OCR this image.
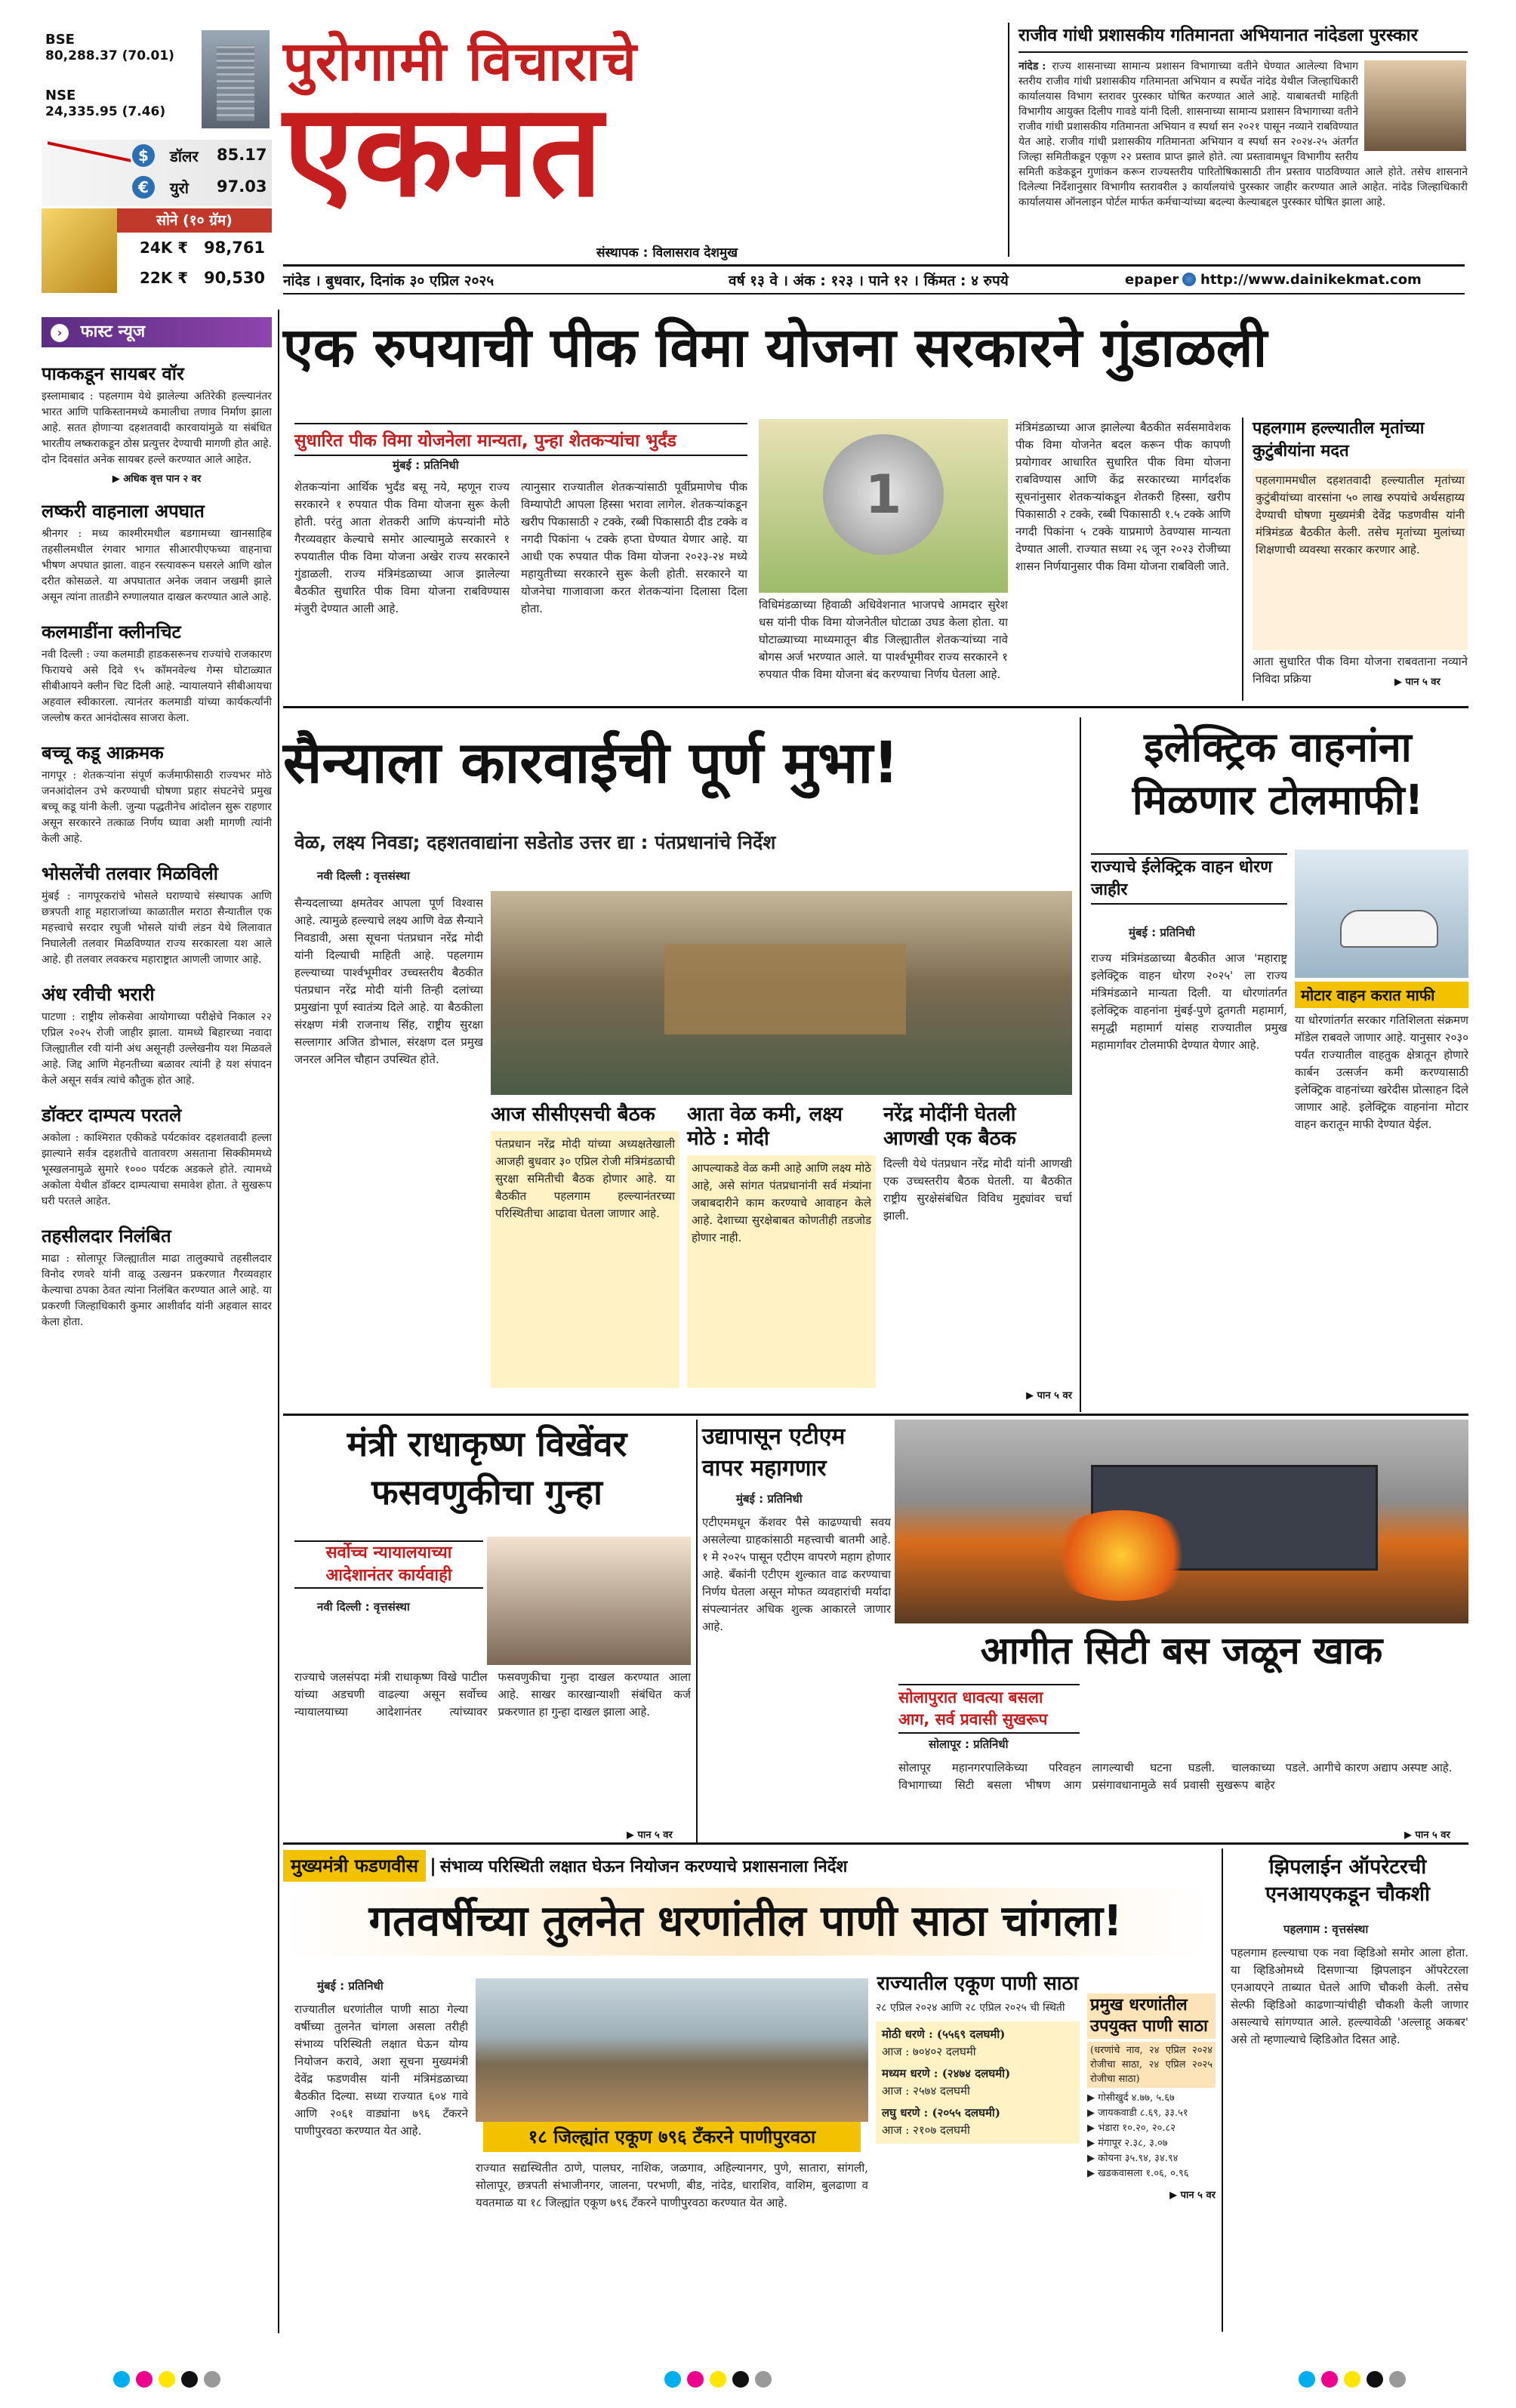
BSE
80,288.37 (70.01)
NSE
24,335.95 (7.46)
$	डॉलर 85.17
€	युरो 97.03
सोने (१० ग्रॅम)
24K ₹ 98,761
22K ₹ 90,530
पुरोगामी विचाराचे
एकमत
संस्थापक : विलासराव देशमुख
नांदेड । बुधवार, दिनांक ३० एप्रिल २०२५	वर्ष १३ वे । अंक : १२३ । पाने १२ । किंमत : ४ रुपये	epaper http://www.dainikekmat.com
राजीव गांधी प्रशासकीय गतिमानता अभियानात नांदेडला पुरस्कार
नांदेड : राज्य शासनाच्या सामान्य प्रशासन विभागाच्या वतीने घेण्यात आलेल्या विभाग स्तरीय राजीव गांधी प्रशासकीय गतिमानता अभियान व स्पर्धेत नांदेड येथील जिल्हाधिकारी कार्यालयास विभाग स्तरावर पुरस्कार घोषित करण्यात आले आहे. याबाबतची माहिती विभागीय आयुक्त दिलीप गावडे यांनी दिली. शासनाच्या सामान्य प्रशासन विभागाच्या वतीने राजीव गांधी प्रशासकीय गतिमानता अभियान व स्पर्धा सन २०२१ पासून नव्याने राबविण्यात येत आहे. राजीव गांधी प्रशासकीय गतिमानता अभियान व स्पर्धा सन २०२४-२५ अंतर्गत जिल्हा समितीकडून एकूण २२ प्रस्ताव प्राप्त झाले होते. त्या प्रस्तावामधून विभागीय स्तरीय समिती कडेकडून गुणांकन करून राज्यस्तरीय पारितोषिकासाठी तीन प्रस्ताव पाठविण्यात आले होते. तसेच शासनाने दिलेल्या निर्देशानुसार विभागीय स्तरावरील ३ कार्यालयांचे पुरस्कार जाहीर करण्यात आले आहेत. नांदेड जिल्हाधिकारी कार्यालयास ऑनलाइन पोर्टल मार्फत कर्मचाऱ्यांच्या बदल्या केल्याबद्दल पुरस्कार घोषित झाला आहे.
› फास्ट न्यूज
पाककडून सायबर वॉर
इस्लामाबाद : पहलगाम येथे झालेल्या अतिरेकी हल्ल्यानंतर भारत आणि पाकिस्तानमध्ये कमालीचा तणाव निर्माण झाला आहे. सतत होणाऱ्या दहशतवादी कारवायांमुळे या संबंधित भारतीय लष्कराकडून ठोस प्रत्युत्तर देण्याची मागणी होत आहे. दोन दिवसांत अनेक सायबर हल्ले करण्यात आले आहेत.
▶ अधिक वृत्त पान २ वर
लष्करी वाहनाला अपघात
श्रीनगर : मध्य काश्मीरमधील बडगामच्या खानसाहिब तहसीलमधील रंगवार भागात सीआरपीएफच्या वाहनाचा भीषण अपघात झाला. वाहन रस्त्यावरून घसरले आणि खोल दरीत कोसळले. या अपघातात अनेक जवान जखमी झाले असून त्यांना तातडीने रुग्णालयात दाखल करण्यात आले आहे.
कलमाडींना क्लीनचिट
नवी दिल्ली : ज्या कलमाडी हाडकसरूनच राज्यांचे राजकारण फिरायचे असे दिवे ९५ कॉमनवेल्थ गेम्स घोटाळ्यात सीबीआयने क्लीन चिट दिली आहे. न्यायालयाने सीबीआयचा अहवाल स्वीकारला. त्यानंतर कलमाडी यांच्या कार्यकर्त्यांनी जल्लोष करत आनंदोत्सव साजरा केला.
बच्चू कडू आक्रमक
नागपूर : शेतकऱ्यांना संपूर्ण कर्जमाफीसाठी राज्यभर मोठे जनआंदोलन उभे करण्याची घोषणा प्रहार संघटनेचे प्रमुख बच्चू कडू यांनी केली. जुन्या पद्धतीनेच आंदोलन सुरू राहणार असून सरकारने तत्काळ निर्णय घ्यावा अशी मागणी त्यांनी केली आहे.
भोसलेंची तलवार मिळविली
मुंबई : नागपूरकरांचे भोसले घराण्याचे संस्थापक आणि छत्रपती शाहू महाराजांच्या काळातील मराठा सैन्यातील एक महत्त्वाचे सरदार रघुजी भोसले यांची लंडन येथे लिलावात निघालेली तलवार मिळविण्यात राज्य सरकारला यश आले आहे. ही तलवार लवकरच महाराष्ट्रात आणली जाणार आहे.
अंध रवीची भरारी
पाटणा : राष्ट्रीय लोकसेवा आयोगाच्या परीक्षेचे निकाल २२ एप्रिल २०२५ रोजी जाहीर झाला. यामध्ये बिहारच्या नवादा जिल्ह्यातील रवी यांनी अंध असूनही उल्लेखनीय यश मिळवले आहे. जिद्द आणि मेहनतीच्या बळावर त्यांनी हे यश संपादन केले असून सर्वत्र त्यांचे कौतुक होत आहे.
डॉक्टर दाम्पत्य परतले
अकोला : काश्मिरात एकीकडे पर्यटकांवर दहशतवादी हल्ला झाल्याने सर्वत्र दहशतीचे वातावरण असताना सिक्कीममध्ये भूस्खलनामुळे सुमारे १००० पर्यटक अडकले होते. त्यामध्ये अकोला येथील डॉक्टर दाम्पत्याचा समावेश होता. ते सुखरूप घरी परतले आहेत.
तहसीलदार निलंबित
माढा : सोलापूर जिल्ह्यातील माढा तालुक्याचे तहसीलदार विनोद रणवरे यांनी वाळू उत्खनन प्रकरणात गैरव्यवहार केल्याचा ठपका ठेवत त्यांना निलंबित करण्यात आले आहे. या प्रकरणी जिल्हाधिकारी कुमार आशीर्वाद यांनी अहवाल सादर केला होता.
एक रुपयाची पीक विमा योजना सरकारने गुंडाळली
सुधारित पीक विमा योजनेला मान्यता, पुन्हा शेतकऱ्यांचा भुर्दंड
मुंबई : प्रतिनिधी
शेतकऱ्यांना आर्थिक भुर्दंड बसू नये, म्हणून राज्य सरकारने १ रुपयात पीक विमा योजना सुरू केली होती. परंतु आता शेतकरी आणि कंपन्यांनी मोठे गैरव्यवहार केल्याचे समोर आल्यामुळे सरकारने १ रुपयातील पीक विमा योजना अखेर राज्य सरकारने गुंडाळली. राज्य मंत्रिमंडळाच्या आज झालेल्या बैठकीत सुधारित पीक विमा योजना राबविण्यास मंजुरी देण्यात आली आहे.
त्यानुसार राज्यातील शेतकऱ्यांसाठी पूर्वीप्रमाणेच पीक विम्यापोटी आपला हिस्सा भरावा लागेल. शेतकऱ्यांकडून खरीप पिकासाठी २ टक्के, रब्बी पिकासाठी दीड टक्के व नगदी पिकांना ५ टक्के हप्ता घेण्यात येणार आहे. या आधी एक रुपयात पीक विमा योजना २०२३-२४ मध्ये महायुतीच्या सरकारने सुरू केली होती. सरकारने या योजनेचा गाजावाजा करत शेतकऱ्यांना दिलासा दिला होता.
1
विधिमंडळाच्या हिवाळी अधिवेशनात भाजपचे आमदार सुरेश धस यांनी पीक विमा योजनेतील घोटाळा उघड केला होता. या घोटाळ्याच्या माध्यमातून बीड जिल्ह्यातील शेतकऱ्यांच्या नावे बोगस अर्ज भरण्यात आले. या पार्श्वभूमीवर राज्य सरकारने १ रुपयात पीक विमा योजना बंद करण्याचा निर्णय घेतला आहे.
मंत्रिमंडळाच्या आज झालेल्या बैठकीत सर्वसमावेशक पीक विमा योजनेत बदल करून पीक कापणी प्रयोगावर आधारित सुधारित पीक विमा योजना राबविण्यास आणि केंद्र सरकारच्या मार्गदर्शक सूचनांनुसार शेतकऱ्यांकडून शेतकरी हिस्सा, खरीप पिकासाठी २ टक्के, रब्बी पिकासाठी १.५ टक्के आणि नगदी पिकांना ५ टक्के याप्रमाणे ठेवण्यास मान्यता देण्यात आली. राज्यात सध्या २६ जून २०२३ रोजीच्या शासन निर्णयानुसार पीक विमा योजना राबविली जाते.
पहलगाम हल्ल्यातील मृतांच्या कुटुंबीयांना मदत
पहलगाममधील दहशतवादी हल्ल्यातील मृतांच्या कुटुंबीयांच्या वारसांना ५० लाख रुपयांचे अर्थसहाय्य देण्याची घोषणा मुख्यमंत्री देवेंद्र फडणवीस यांनी मंत्रिमंडळ बैठकीत केली. तसेच मृतांच्या मुलांच्या शिक्षणाची व्यवस्था सरकार करणार आहे.
आता सुधारित पीक विमा योजना राबवताना नव्याने निविदा प्रक्रिया	▶ पान ५ वर
सैन्याला कारवाईची पूर्ण मुभा!
वेळ, लक्ष्य निवडा; दहशतवाद्यांना सडेतोड उत्तर द्या : पंतप्रधानांचे निर्देश
नवी दिल्ली : वृत्तसंस्था
सैन्यदलाच्या क्षमतेवर आपला पूर्ण विश्वास आहे. त्यामुळे हल्ल्याचे लक्ष्य आणि वेळ सैन्याने निवडावी, असा सूचना पंतप्रधान नरेंद्र मोदी यांनी दिल्याची माहिती आहे. पहलगाम हल्ल्याच्या पार्श्वभूमीवर उच्चस्तरीय बैठकीत पंतप्रधान नरेंद्र मोदी यांनी तिन्ही दलांच्या प्रमुखांना पूर्ण स्वातंत्र्य दिले आहे. या बैठकीला संरक्षण मंत्री राजनाथ सिंह, राष्ट्रीय सुरक्षा सल्लागार अजित डोभाल, संरक्षण दल प्रमुख जनरल अनिल चौहान उपस्थित होते.
आज सीसीएसची बैठक
पंतप्रधान नरेंद्र मोदी यांच्या अध्यक्षतेखाली आजही बुधवार ३० एप्रिल रोजी मंत्रिमंडळाची सुरक्षा समितीची बैठक होणार आहे. या बैठकीत पहलगाम हल्ल्यानंतरच्या परिस्थितीचा आढावा घेतला जाणार आहे.
आता वेळ कमी, लक्ष्य मोठे : मोदी
आपल्याकडे वेळ कमी आहे आणि लक्ष्य मोठे आहे, असे सांगत पंतप्रधानांनी सर्व मंत्र्यांना जबाबदारीने काम करण्याचे आवाहन केले आहे. देशाच्या सुरक्षेबाबत कोणतीही तडजोड होणार नाही.
नरेंद्र मोदींनी घेतली आणखी एक बैठक
दिल्ली येथे पंतप्रधान नरेंद्र मोदी यांनी आणखी एक उच्चस्तरीय बैठक घेतली. या बैठकीत राष्ट्रीय सुरक्षेसंबंधित विविध मुद्द्यांवर चर्चा झाली.
▶ पान ५ वर
इलेक्ट्रिक वाहनांना
मिळणार टोलमाफी!
राज्याचे ईलेक्ट्रिक वाहन धोरण जाहीर
मुंबई : प्रतिनिधी
राज्य मंत्रिमंडळाच्या बैठकीत आज 'महाराष्ट्र इलेक्ट्रिक वाहन धोरण २०२५' ला राज्य मंत्रिमंडळाने मान्यता दिली. या धोरणांतर्गत इलेक्ट्रिक वाहनांना मुंबई-पुणे द्रुतगती महामार्ग, समृद्धी महामार्ग यांसह राज्यातील प्रमुख महामार्गांवर टोलमाफी देण्यात येणार आहे.
मोटार वाहन करात माफी
या धोरणांतर्गत सरकार गतिशिलता संक्रमण मॉडेल राबवले जाणार आहे. यानुसार २०३० पर्यंत राज्यातील वाहतुक क्षेत्रातून होणारे कार्बन उत्सर्जन कमी करण्यासाठी इलेक्ट्रिक वाहनांच्या खरेदीस प्रोत्साहन दिले जाणार आहे. इलेक्ट्रिक वाहनांना मोटार वाहन करातून माफी देण्यात येईल.
मंत्री राधाकृष्ण विखेंवर
फसवणुकीचा गुन्हा
सर्वोच्च न्यायालयाच्या आदेशानंतर कार्यवाही
नवी दिल्ली : वृत्तसंस्था
राज्याचे जलसंपदा मंत्री राधाकृष्ण विखे पाटील यांच्या अडचणी वाढल्या असून सर्वोच्च न्यायालयाच्या आदेशानंतर त्यांच्यावर फसवणुकीचा गुन्हा दाखल करण्यात आला आहे. साखर कारखान्याशी संबंधित कर्ज प्रकरणात हा गुन्हा दाखल झाला आहे.
▶ पान ५ वर
उद्यापासून एटीएम
वापर महागणार
मुंबई : प्रतिनिधी
एटीएममधून कॅशवर पैसे काढण्याची सवय असलेल्या ग्राहकांसाठी महत्त्वाची बातमी आहे. १ मे २०२५ पासून एटीएम वापरणे महाग होणार आहे. बँकांनी एटीएम शुल्कात वाढ करण्याचा निर्णय घेतला असून मोफत व्यवहारांची मर्यादा संपल्यानंतर अधिक शुल्क आकारले जाणार आहे.
आगीत सिटी बस जळून खाक
सोलापुरात धावत्या बसला आग, सर्व प्रवासी सुखरूप
सोलापूर : प्रतिनिधी
सोलापूर महानगरपालिकेच्या परिवहन विभागाच्या सिटी बसला भीषण आग लागल्याची घटना घडली. चालकाच्या प्रसंगावधानामुळे सर्व प्रवासी सुखरूप बाहेर पडले. आगीचे कारण अद्याप अस्पष्ट आहे.
▶ पान ५ वर
मुख्यमंत्री फडणवीस | संभाव्य परिस्थिती लक्षात घेऊन नियोजन करण्याचे प्रशासनाला निर्देश
गतवर्षीच्या तुलनेत धरणांतील पाणी साठा चांगला!
मुंबई : प्रतिनिधी
राज्यातील धरणांतील पाणी साठा गेल्या वर्षीच्या तुलनेत चांगला असला तरीही संभाव्य परिस्थिती लक्षात घेऊन योग्य नियोजन करावे, अशा सूचना मुख्यमंत्री देवेंद्र फडणवीस यांनी मंत्रिमंडळाच्या बैठकीत दिल्या. सध्या राज्यात ६०४ गावे आणि २०६१ वाड्यांना ७९६ टँकरने पाणीपुरवठा करण्यात येत आहे.	१८ जिल्ह्यांत एकूण ७९६ टँकरने पाणीपुरवठा
राज्यात सद्यस्थितीत ठाणे, पालघर, नाशिक, जळगाव, अहिल्यानगर, पुणे, सातारा, सांगली, सोलापूर, छत्रपती संभाजीनगर, जालना, परभणी, बीड, नांदेड, धाराशिव, वाशिम, बुलढाणा व यवतमाळ या १८ जिल्ह्यांत एकूण ७९६ टँकरने पाणीपुरवठा करण्यात येत आहे.
राज्यातील एकूण पाणी साठा
२८ एप्रिल २०२४ आणि २८ एप्रिल २०२५ ची स्थिती
मोठी धरणे : (५५६९ दलघमी)
आज : ७०४०२ दलघमी
मध्यम धरणे : (२४७४ दलघमी)
आज : २५७४ दलघमी
लघु धरणे : (२०५५ दलघमी)
आज : २१०७ दलघमी
प्रमुख धरणांतील उपयुक्त पाणी साठा
(धरणांचे नाव, २४ एप्रिल २०२४ रोजीचा साठा, २४ एप्रिल २०२५ रोजीचा साठा)
▶ गोसीखुर्द ४.७७, ५.६७
▶ जायकवाडी ८.६९, ३३.५१
▶ भंडारा १०.२०, २०.८२
▶ मंगापूर २.३८, ३.०७
▶ कोयना ३५.९४, ३४.९४
▶ खडकवासला १.०६, ०.९६
▶ पान ५ वर
झिपलाईन ऑपरेटरची
एनआयएकडून चौकशी
पहलगाम : वृत्तसंस्था
पहलगाम हल्ल्याचा एक नवा व्हिडिओ समोर आला होता. या व्हिडिओमध्ये दिसणाऱ्या झिपलाइन ऑपरेटरला एनआयएने ताब्यात घेतले आणि चौकशी केली. तसेच सेल्फी व्हिडिओ काढणाऱ्यांचीही चौकशी केली जाणार असल्याचे सांगण्यात आले. हल्ल्यावेळी 'अल्लाहू अकबर' असे तो म्हणाल्याचे व्हिडिओत दिसत आहे.
